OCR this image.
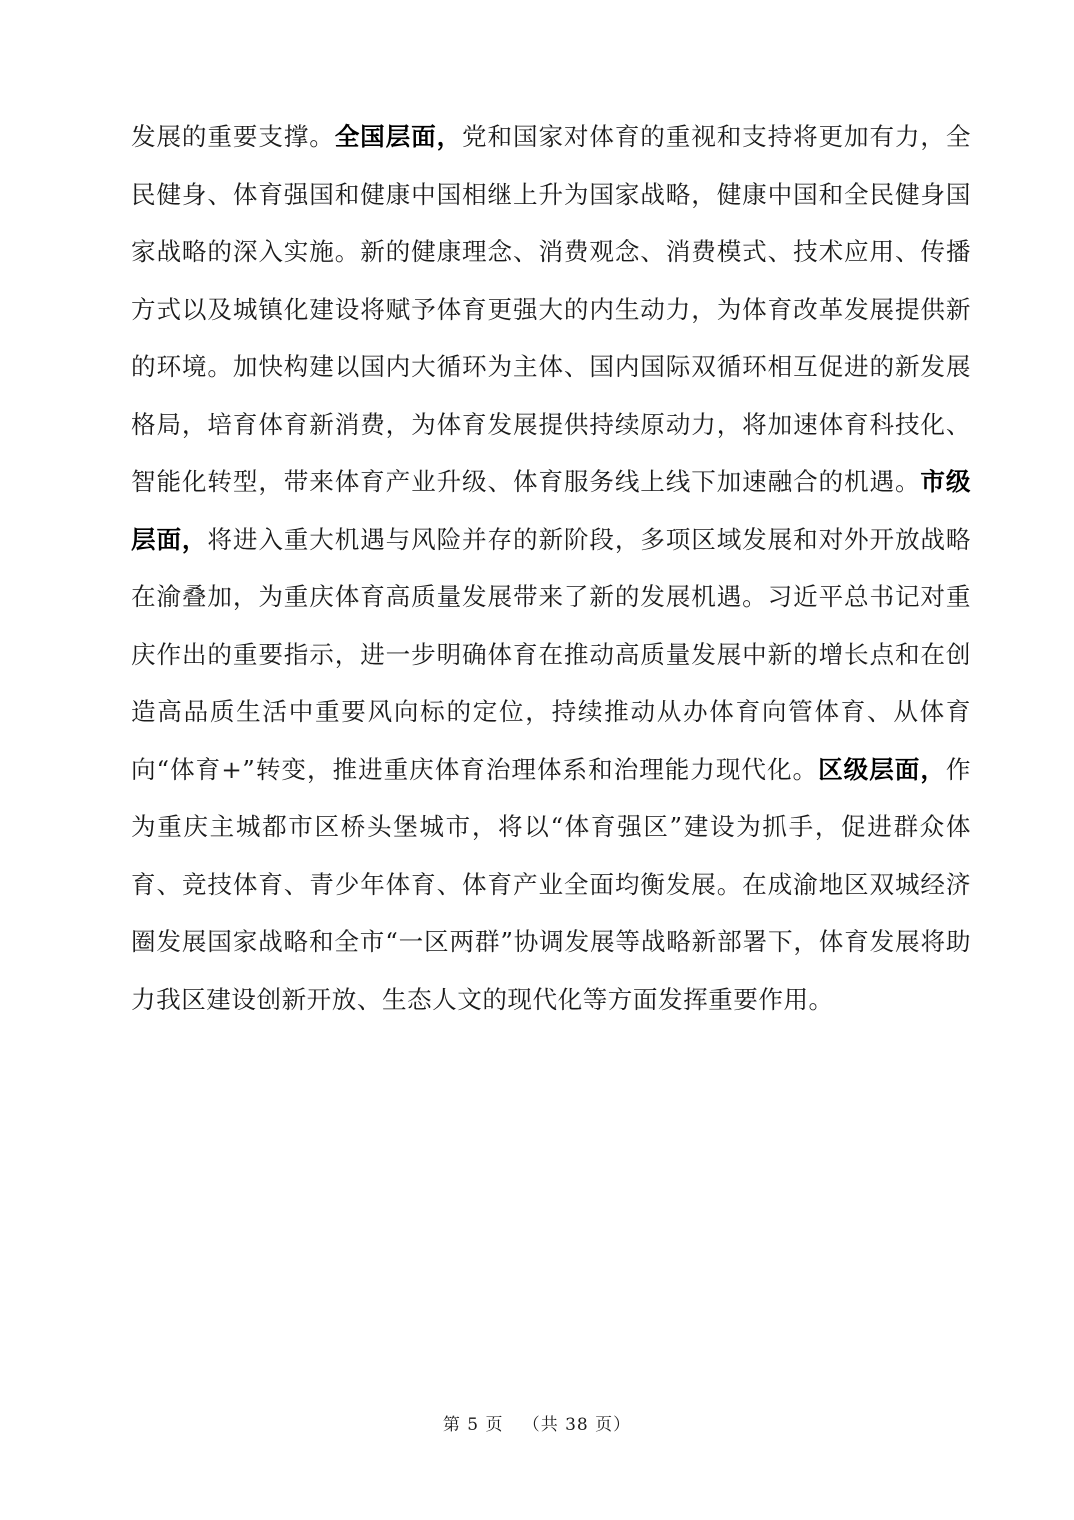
发展的重要支撑。全国层面，党和国家对体育的重视和支持将更加有力，全民健身、体育强国和健康中国相继上升为国家战略，健康中国和全民健身国家战略的深入实施。新的健康理念、消费观念、消费模式、技术应用、传播方式以及城镇化建设将赋予体育更强大的内生动力，为体育改革发展提供新的环境。加快构建以国内大循环为主体、国内国际双循环相互促进的新发展格局，培育体育新消费，为体育发展提供持续原动力，将加速体育科技化、智能化转型，带来体育产业升级、体育服务线上线下加速融合的机遇。市级层面，将进入重大机遇与风险并存的新阶段，多项区域发展和对外开放战略在渝叠加，为重庆体育高质量发展带来了新的发展机遇。习近平总书记对重庆作出的重要指示，进一步明确体育在推动高质量发展中新的增长点和在创造高品质生活中重要风向标的定位，持续推动从办体育向管体育、从体育向“体育+”转变，推进重庆体育治理体系和治理能力现代化。区级层面，作为重庆主城都市区桥头堡城市，将以“体育强区”建设为抓手，促进群众体育、竞技体育、青少年体育、体育产业全面均衡发展。在成渝地区双城经济圈发展国家战略和全市“一区两群”协调发展等战略新部署下，体育发展将助力我区建设创新开放、生态人文的现代化等方面发挥重要作用。

第 5 页 （共 38 页）
